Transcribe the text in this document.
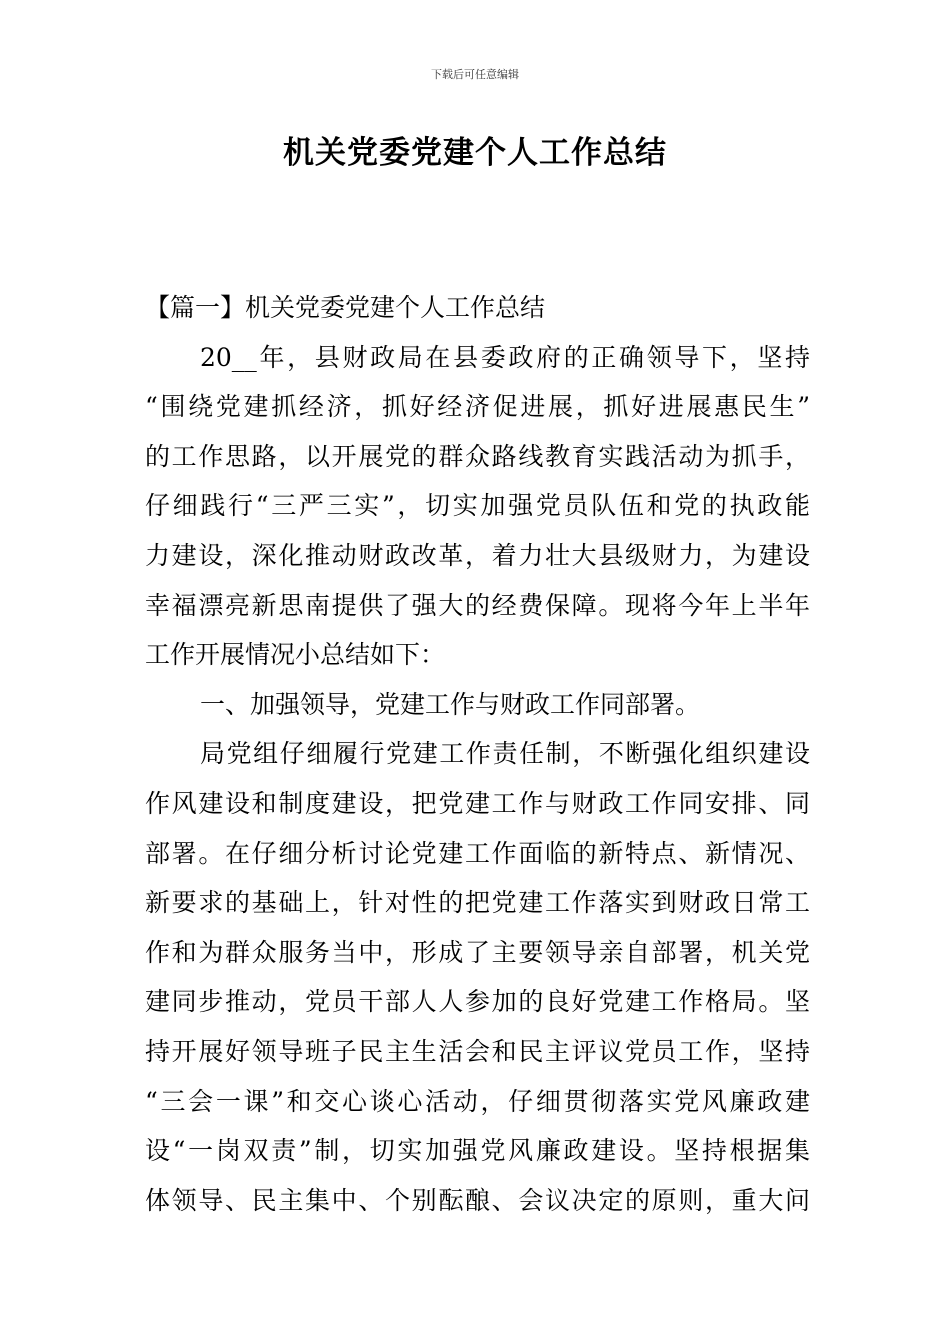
下载后可任意编辑
机关党委党建个人工作总结
【篇一】机关党委党建个人工作总结
20__年，县财政局在县委政府的正确领导下，坚持
“围绕党建抓经济，抓好经济促进展，抓好进展惠民生”
的工作思路，以开展党的群众路线教育实践活动为抓手，
仔细践行“三严三实”，切实加强党员队伍和党的执政能
力建设，深化推动财政改革，着力壮大县级财力，为建设
幸福漂亮新思南提供了强大的经费保障。现将今年上半年
工作开展情况小总结如下：
一、加强领导，党建工作与财政工作同部署。
局党组仔细履行党建工作责任制，不断强化组织建设
作风建设和制度建设，把党建工作与财政工作同安排、同
部署。在仔细分析讨论党建工作面临的新特点、新情况、
新要求的基础上，针对性的把党建工作落实到财政日常工
作和为群众服务当中，形成了主要领导亲自部署，机关党
建同步推动，党员干部人人参加的良好党建工作格局。坚
持开展好领导班子民主生活会和民主评议党员工作，坚持
“三会一课”和交心谈心活动，仔细贯彻落实党风廉政建
设“一岗双责”制，切实加强党风廉政建设。坚持根据集
体领导、民主集中、个别酝酿、会议决定的原则，重大问
